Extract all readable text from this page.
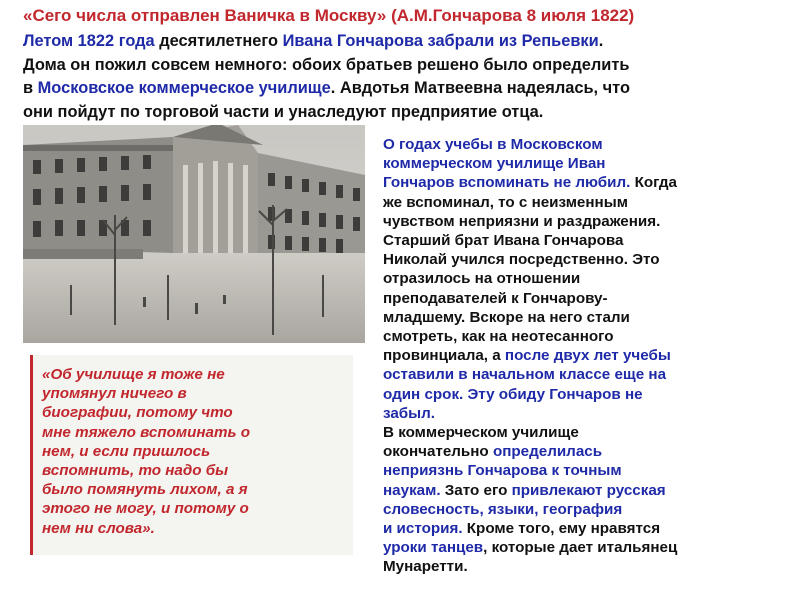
«Сего числа отправлен Ваничка в Москву» (А.М.Гончарова 8 июля 1822)
Летом 1822 года десятилетнего Ивана Гончарова забрали из Репьевки.
Дома он пожил совсем немного: обоих братьев решено было определить
в Московское коммерческое училище. Авдотья Матвеевна надеялась, что
они пойдут по торговой части и унаследуют предприятие отца.
О годах учебы в Московском
коммерческом училище Иван
Гончаров вспоминать не любил. Когда
же вспоминал, то с неизменным
чувством неприязни и раздражения.
Старший брат Ивана Гончарова
Николай учился посредственно. Это
отразилось на отношении
преподавателей к Гончарову-
младшему. Вскоре на него стали
смотреть, как на неотесанного
провинциала, а после двух лет учебы
оставили в начальном классе еще на
один срок. Эту обиду Гончаров не
забыл.
В коммерческом училище
окончательно определилась
неприязнь Гончарова к точным
наукам. Зато его привлекают русская
словесность, языки, география
и история. Кроме того, ему нравятся
уроки танцев, которые дает итальянец
Мунаретти.
«Об училище я тоже не
упомянул ничего в
биографии, потому что
мне тяжело вспоминать о
нем, и если пришлось
вспомнить, то надо бы
было помянуть лихом, а я
этого не могу, и потому о
нем ни слова».
